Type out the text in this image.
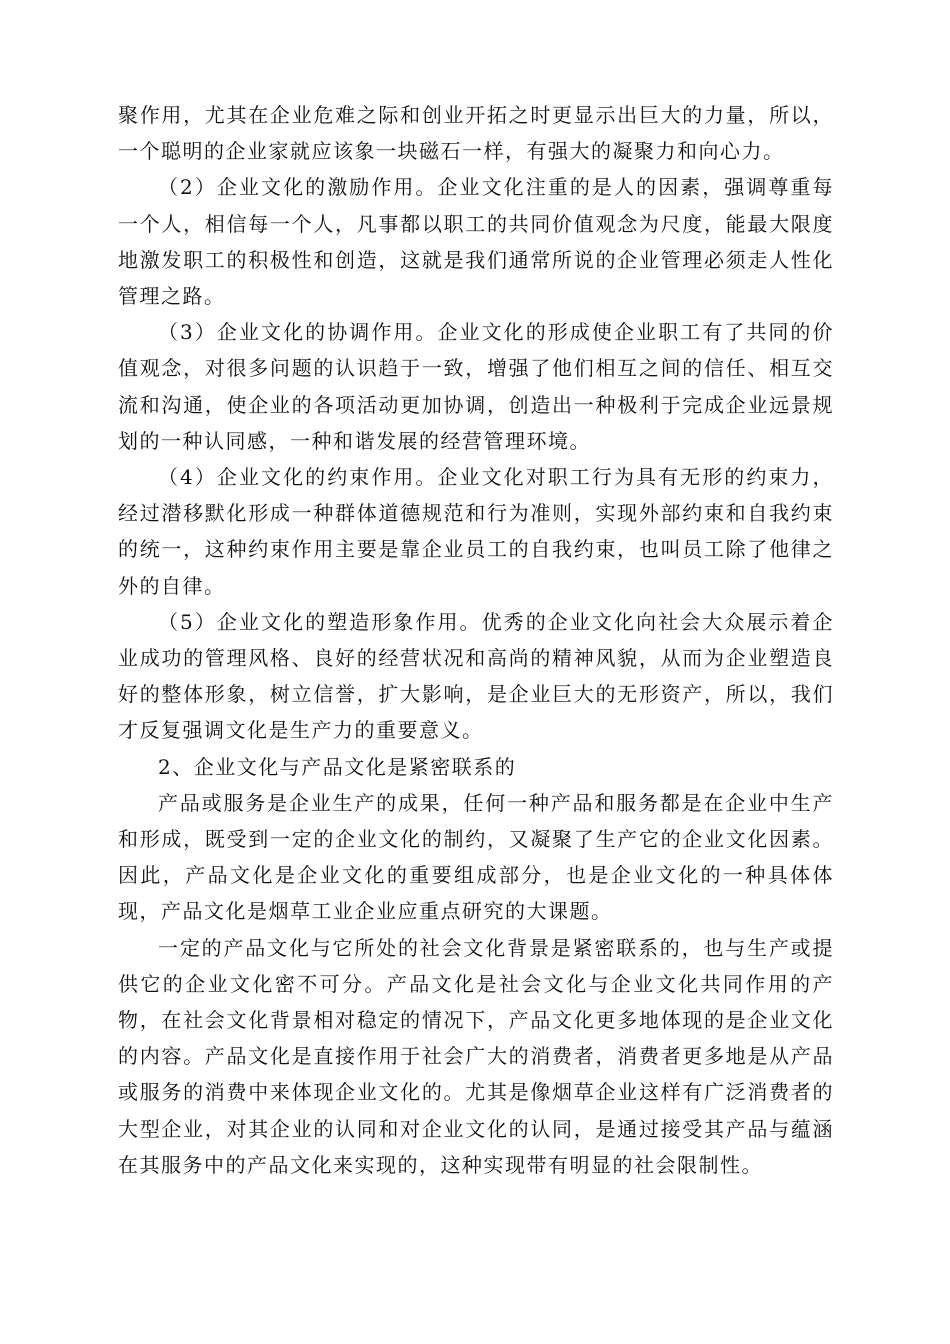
聚作用，尤其在企业危难之际和创业开拓之时更显示出巨大的力量，所以，一个聪明的企业家就应该象一块磁石一样，有强大的凝聚力和向心力。

（2）企业文化的激励作用。企业文化注重的是人的因素，强调尊重每一个人，相信每一个人，凡事都以职工的共同价值观念为尺度，能最大限度地激发职工的积极性和创造，这就是我们通常所说的企业管理必须走人性化管理之路。

（3）企业文化的协调作用。企业文化的形成使企业职工有了共同的价值观念，对很多问题的认识趋于一致，增强了他们相互之间的信任、相互交流和沟通，使企业的各项活动更加协调，创造出一种极利于完成企业远景规划的一种认同感，一种和谐发展的经营管理环境。

（4）企业文化的约束作用。企业文化对职工行为具有无形的约束力，经过潜移默化形成一种群体道德规范和行为准则，实现外部约束和自我约束的统一，这种约束作用主要是靠企业员工的自我约束，也叫员工除了他律之外的自律。

（5）企业文化的塑造形象作用。优秀的企业文化向社会大众展示着企业成功的管理风格、良好的经营状况和高尚的精神风貌，从而为企业塑造良好的整体形象，树立信誉，扩大影响，是企业巨大的无形资产，所以，我们才反复强调文化是生产力的重要意义。

2、企业文化与产品文化是紧密联系的

产品或服务是企业生产的成果，任何一种产品和服务都是在企业中生产和形成，既受到一定的企业文化的制约，又凝聚了生产它的企业文化因素。因此，产品文化是企业文化的重要组成部分，也是企业文化的一种具体体现，产品文化是烟草工业企业应重点研究的大课题。

一定的产品文化与它所处的社会文化背景是紧密联系的，也与生产或提供它的企业文化密不可分。产品文化是社会文化与企业文化共同作用的产物，在社会文化背景相对稳定的情况下，产品文化更多地体现的是企业文化的内容。产品文化是直接作用于社会广大的消费者，消费者更多地是从产品或服务的消费中来体现企业文化的。尤其是像烟草企业这样有广泛消费者的大型企业，对其企业的认同和对企业文化的认同，是通过接受其产品与蕴涵在其服务中的产品文化来实现的，这种实现带有明显的社会限制性。
